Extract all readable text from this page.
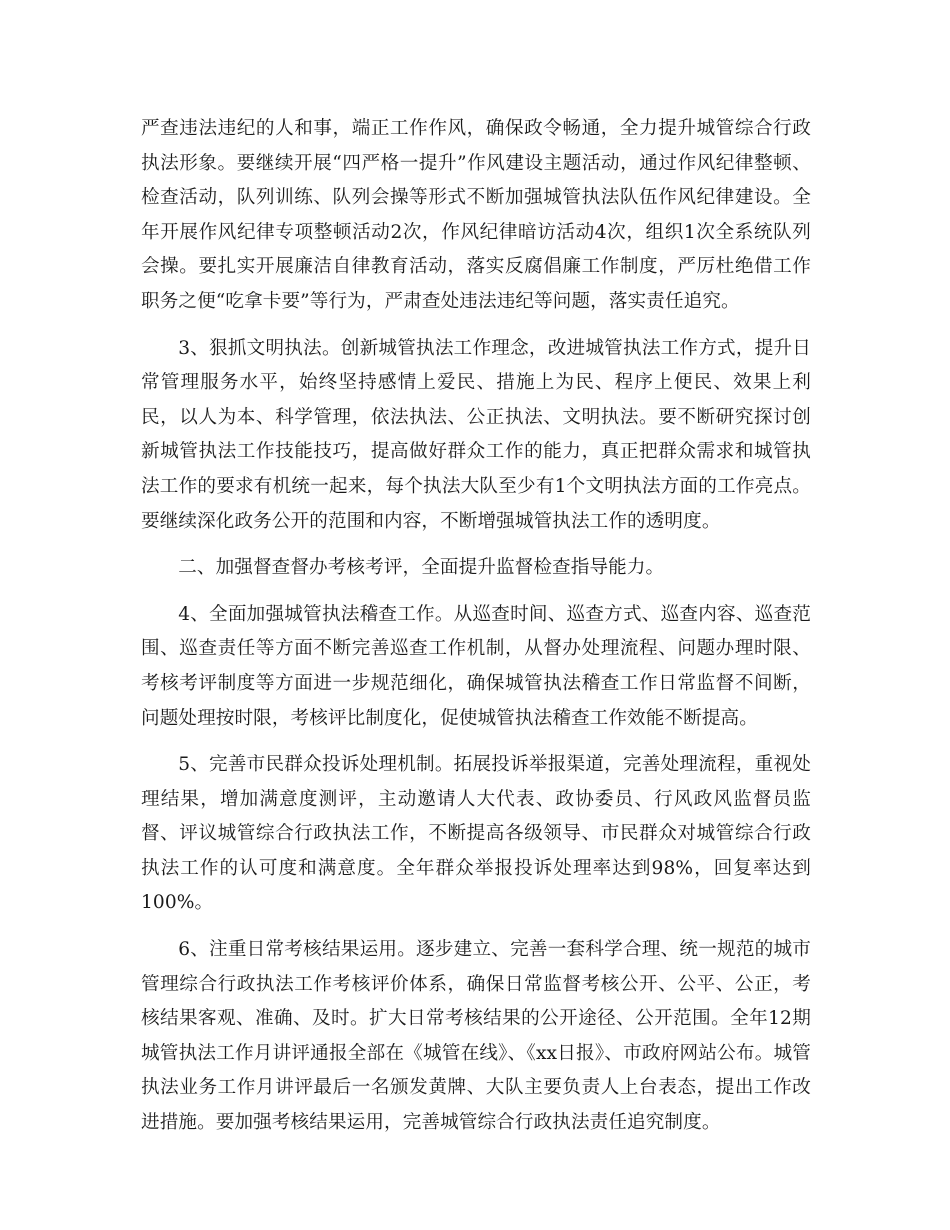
严查违法违纪的人和事，端正工作作风，确保政令畅通，全力提升城管综合行政执法形象。要继续开展“四严格一提升”作风建设主题活动，通过作风纪律整顿、检查活动，队列训练、队列会操等形式不断加强城管执法队伍作风纪律建设。全年开展作风纪律专项整顿活动2次，作风纪律暗访活动4次，组织1次全系统队列会操。要扎实开展廉洁自律教育活动，落实反腐倡廉工作制度，严厉杜绝借工作职务之便“吃拿卡要”等行为，严肃查处违法违纪等问题，落实责任追究。

3、狠抓文明执法。创新城管执法工作理念，改进城管执法工作方式，提升日常管理服务水平，始终坚持感情上爱民、措施上为民、程序上便民、效果上利民，以人为本、科学管理，依法执法、公正执法、文明执法。要不断研究探讨创新城管执法工作技能技巧，提高做好群众工作的能力，真正把群众需求和城管执法工作的要求有机统一起来，每个执法大队至少有1个文明执法方面的工作亮点。要继续深化政务公开的范围和内容，不断增强城管执法工作的透明度。

二、加强督查督办考核考评，全面提升监督检查指导能力。

4、全面加强城管执法稽查工作。从巡查时间、巡查方式、巡查内容、巡查范围、巡查责任等方面不断完善巡查工作机制，从督办处理流程、问题办理时限、考核考评制度等方面进一步规范细化，确保城管执法稽查工作日常监督不间断，问题处理按时限，考核评比制度化，促使城管执法稽查工作效能不断提高。

5、完善市民群众投诉处理机制。拓展投诉举报渠道，完善处理流程，重视处理结果，增加满意度测评，主动邀请人大代表、政协委员、行风政风监督员监督、评议城管综合行政执法工作，不断提高各级领导、市民群众对城管综合行政执法工作的认可度和满意度。全年群众举报投诉处理率达到98%，回复率达到100%。

6、注重日常考核结果运用。逐步建立、完善一套科学合理、统一规范的城市管理综合行政执法工作考核评价体系，确保日常监督考核公开、公平、公正，考核结果客观、准确、及时。扩大日常考核结果的公开途径、公开范围。全年12期城管执法工作月讲评通报全部在《城管在线》、《xx日报》、市政府网站公布。城管执法业务工作月讲评最后一名颁发黄牌、大队主要负责人上台表态，提出工作改进措施。要加强考核结果运用，完善城管综合行政执法责任追究制度。
